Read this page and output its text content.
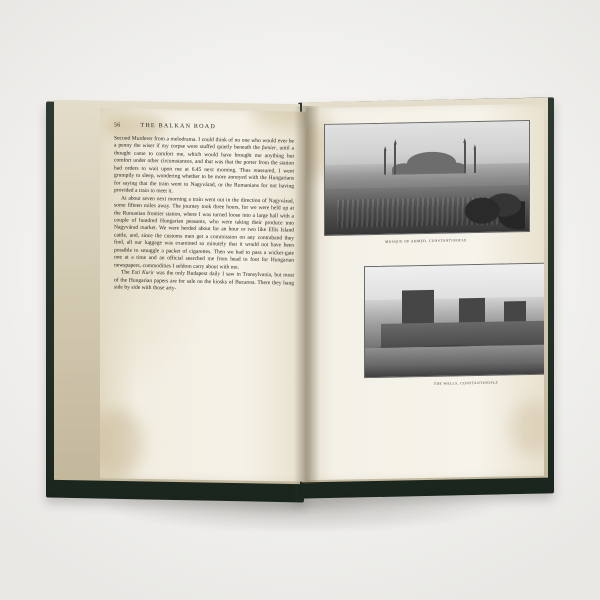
56	THE BALKAN ROAD

Second Murderer from a melodrama. I could think of no one who would ever be a penny the wiser if my corpse were stuffed quietly beneath the fumier, until a thought came to comfort me, which would have brought me anything but comfort under other circumstances, and that was that the porter from the station had orders to wait upon me at 6.45 next morning. Thus reassured, I went grumpily to sleep, wondering whether to be more annoyed with the Hungarians for saying that the train went to Nagyvárad, or the Rumanians for not having provided a train to meet it.

At about seven next morning a train went out in the direction of Nagyvárad, some fifteen miles away. The journey took three hours, for we were held up at the Rumanian frontier station, where I was turned loose into a large hall with a couple of hundred Hungarian peasants, who were taking their produce into Nagyvárad market. We were herded about for an hour or two like Ellis Island cattle, and, since the customs men get a commission on any contraband they find, all our luggage was examined so minutely that it would not have been possible to smuggle a packet of cigarettes. Then we had to pass a wicket-gate one at a time and an official searched me from head to foot for Hungarian newspapers, commodities I seldom carry about with me.

The Esti Kurir was the only Budapest daily I saw in Transylvania, but most of the Hungarian papers are for sale on the kiosks of Bucarest. There they hang side by side with those arty-

MOSQUE OF AHMED, CONSTANTINOPLE
THE WALLS, CONSTANTINOPLE
